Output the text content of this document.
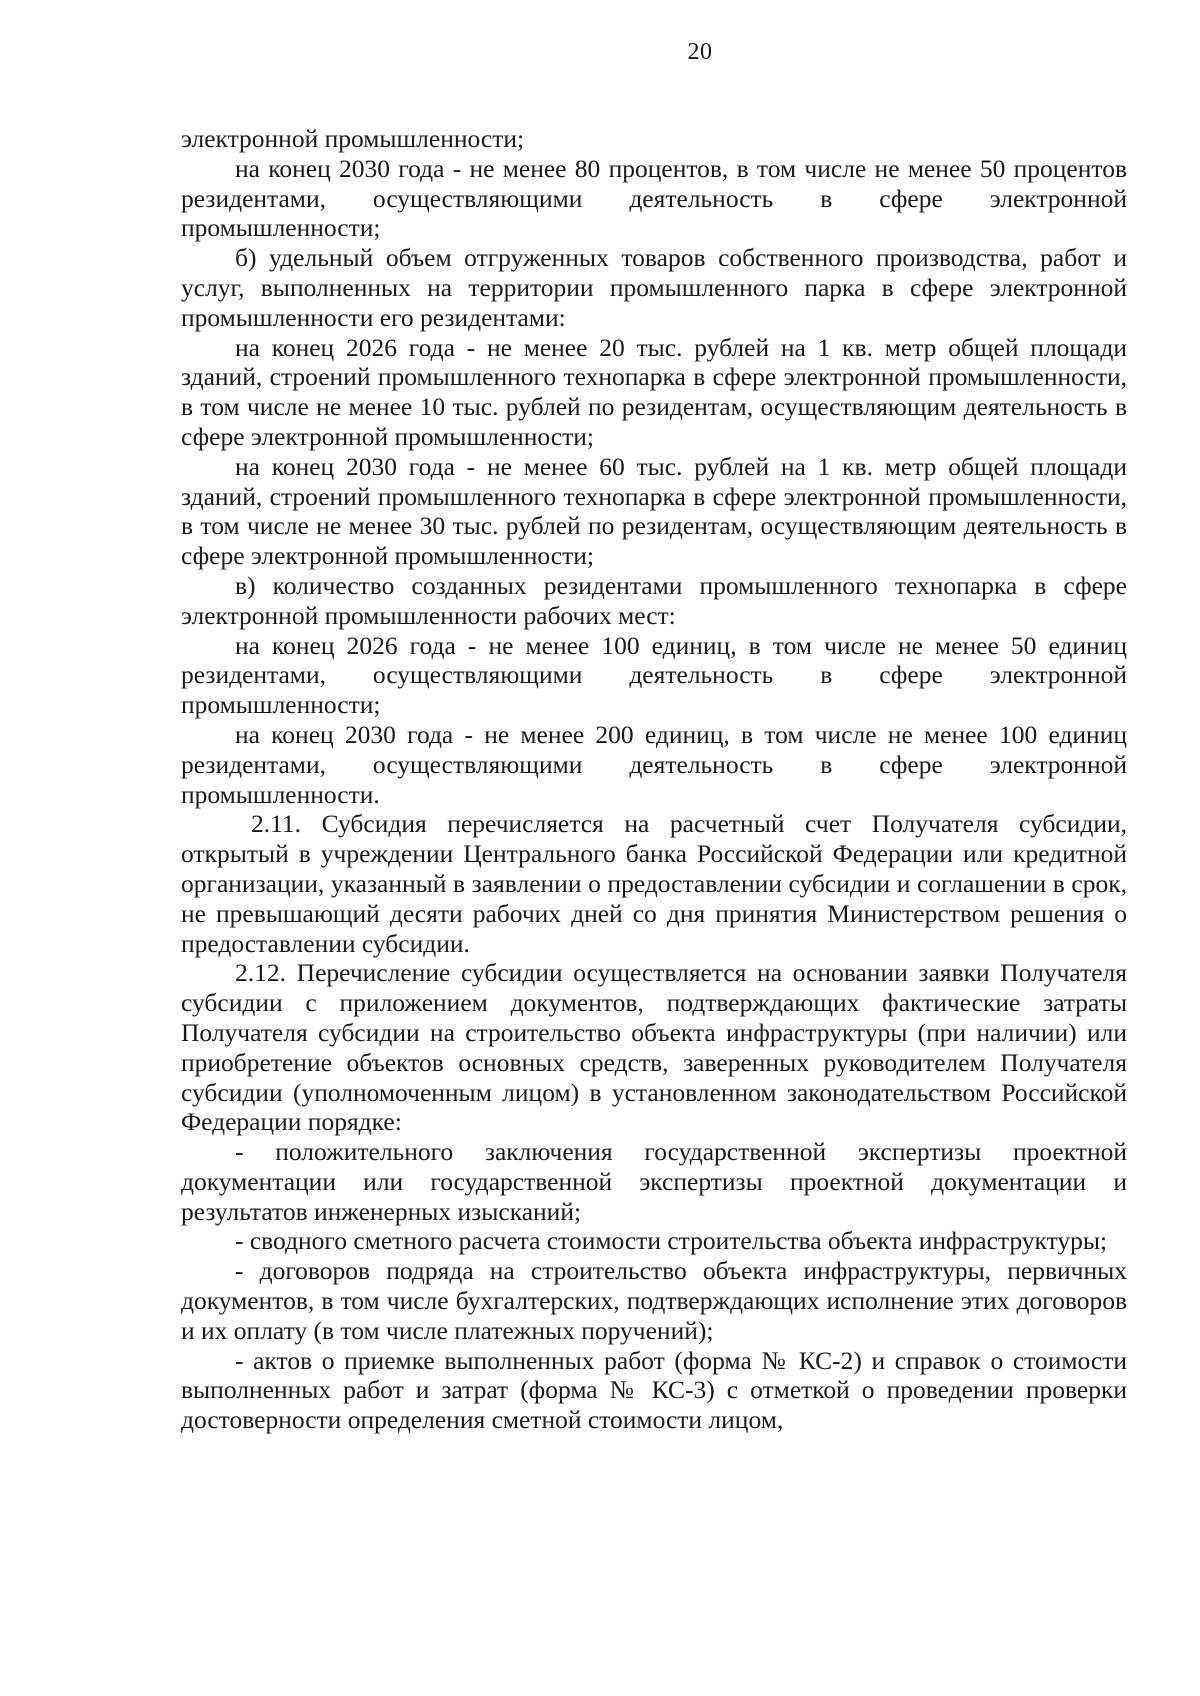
20

электронной промышленности;

на конец 2030 года - не менее 80 процентов, в том числе не менее 50 процентов резидентами, осуществляющими деятельность в сфере электронной промышленности;

б) удельный объем отгруженных товаров собственного производства, работ и услуг, выполненных на территории промышленного парка в сфере электронной промышленности его резидентами:

на конец 2026 года - не менее 20 тыс. рублей на 1 кв. метр общей площади зданий, строений промышленного технопарка в сфере электронной промышленности, в том числе не менее 10 тыс. рублей по резидентам, осуществляющим деятельность в сфере электронной промышленности;

на конец 2030 года - не менее 60 тыс. рублей на 1 кв. метр общей площади зданий, строений промышленного технопарка в сфере электронной промышленности, в том числе не менее 30 тыс. рублей по резидентам, осуществляющим деятельность в сфере электронной промышленности;

в) количество созданных резидентами промышленного технопарка в сфере электронной промышленности рабочих мест:

на конец 2026 года - не менее 100 единиц, в том числе не менее 50 единиц резидентами, осуществляющими деятельность в сфере электронной промышленности;

на конец 2030 года - не менее 200 единиц, в том числе не менее 100 единиц резидентами, осуществляющими деятельность в сфере электронной промышленности.

2.11. Субсидия перечисляется на расчетный счет Получателя субсидии, открытый в учреждении Центрального банка Российской Федерации или кредитной организации, указанный в заявлении о предоставлении субсидии и соглашении в срок, не превышающий десяти рабочих дней со дня принятия Министерством решения о предоставлении субсидии.

2.12. Перечисление субсидии осуществляется на основании заявки Получателя субсидии с приложением документов, подтверждающих фактические затраты Получателя субсидии на строительство объекта инфраструктуры (при наличии) или приобретение объектов основных средств, заверенных руководителем Получателя субсидии (уполномоченным лицом) в установленном законодательством Российской Федерации порядке:

- положительного заключения государственной экспертизы проектной документации или государственной экспертизы проектной документации и результатов инженерных изысканий;

- сводного сметного расчета стоимости строительства объекта инфраструктуры;

- договоров подряда на строительство объекта инфраструктуры, первичных документов, в том числе бухгалтерских, подтверждающих исполнение этих договоров и их оплату (в том числе платежных поручений);

- актов о приемке выполненных работ (форма № КС-2) и справок о стоимости выполненных работ и затрат (форма № КС-3) с отметкой о проведении проверки достоверности определения сметной стоимости лицом,
